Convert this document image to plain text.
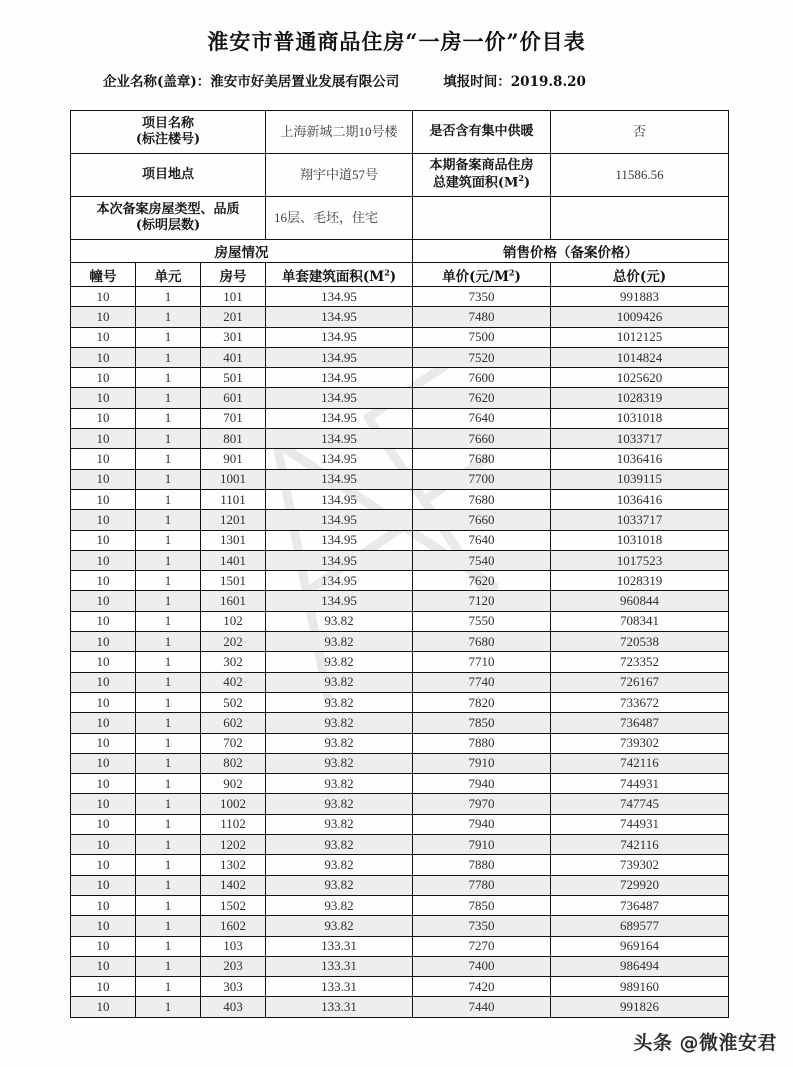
淮安市普通商品住房“一房一价”价目表
企业名称(盖章)：淮安市好美居置业发展有限公司	填报时间：2019.8.20
项目名称
(标注楼号)			上海新城二期10号楼	是否含有集中供暖	否
项目地点			翔宇中道57号	本期备案商品住房
总建筑面积$(M^2)$	11586.56

本次备案房屋类型、品质
(标明层数)			16层、毛坯，住宅		
房屋情况				销售价格（备案价格）	
幢号	单元	房号	单套建筑面积$(M^2)$	单价(元$/M^2$)	总价(元)
10	1	101	134.95	7350	991883
10	1	201	134.95	7480	1009426
10	1	301	134.95	7500	1012125
10	1	401	134.95	7520	1014824
10	1	501	134.95	7600	1025620
10	1	601	134.95	7620	1028319
10	1	701	134.95	7640	1031018
10	1	801	134.95	7660	1033717
10	1	901	134.95	7680	1036416
10	1	1001	134.95	7700	1039115
10	1	1101	134.95	7680	1036416
10	1	1201	134.95	7660	1033717
10	1	1301	134.95	7640	1031018
10	1	1401	134.95	7540	1017523
10	1	1501	134.95	7620	1028319
10	1	1601	134.95	7120	960844
10	1	102	93.82	7550	708341
10	1	202	93.82	7680	720538
10	1	302	93.82	7710	723352
10	1	402	93.82	7740	726167
10	1	502	93.82	7820	733672
10	1	602	93.82	7850	736487
10	1	702	93.82	7880	739302
10	1	802	93.82	7910	742116
10	1	902	93.82	7940	744931
10	1	1002	93.82	7970	747745
10	1	1102	93.82	7940	744931
10	1	1202	93.82	7910	742116
10	1	1302	93.82	7880	739302
10	1	1402	93.82	7780	729920
10	1	1502	93.82	7850	736487
10	1	1602	93.82	7350	689577
10	1	103	133.31	7270	969164
10	1	203	133.31	7400	986494
10	1	303	133.31	7420	989160
10	1	403	133.31	7440	991826
头条 @微淮安君
